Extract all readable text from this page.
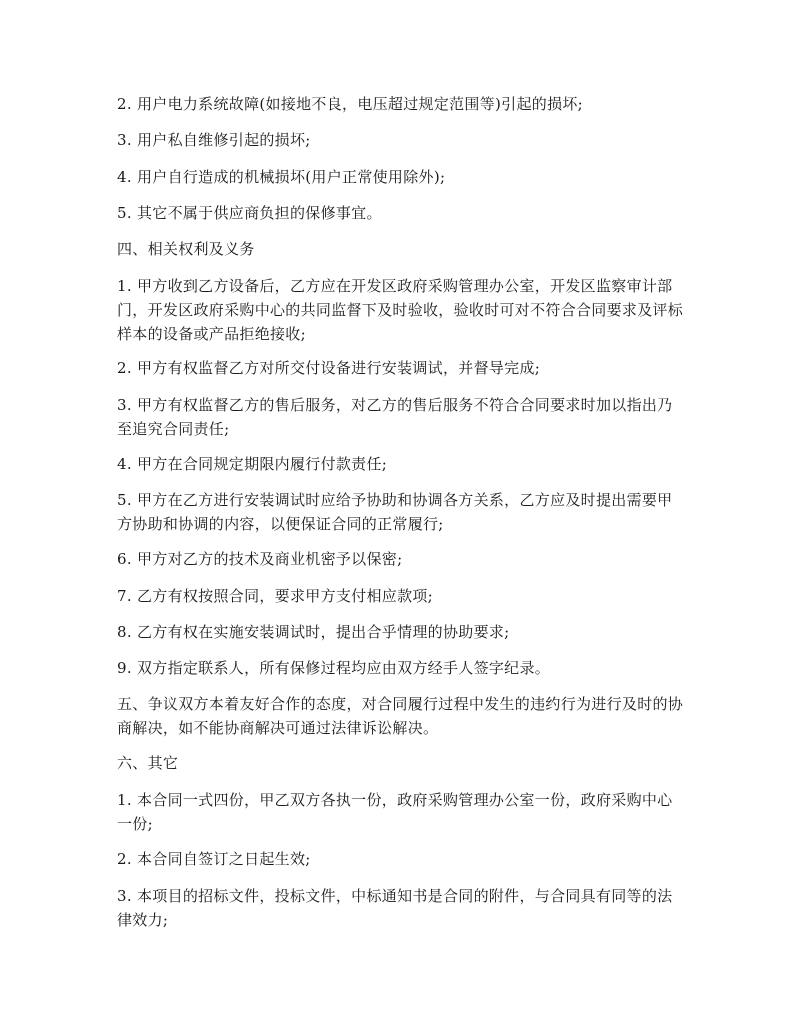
2. 用户电力系统故障(如接地不良，电压超过规定范围等)引起的损坏;

3. 用户私自维修引起的损坏;

4. 用户自行造成的机械损坏(用户正常使用除外);

5. 其它不属于供应商负担的保修事宜。

四、相关权利及义务

1. 甲方收到乙方设备后，乙方应在开发区政府采购管理办公室，开发区监察审计部门，开发区政府采购中心的共同监督下及时验收，验收时可对不符合合同要求及评标样本的设备或产品拒绝接收;

2. 甲方有权监督乙方对所交付设备进行安装调试，并督导完成;

3. 甲方有权监督乙方的售后服务，对乙方的售后服务不符合合同要求时加以指出乃至追究合同责任;

4. 甲方在合同规定期限内履行付款责任;

5. 甲方在乙方进行安装调试时应给予协助和协调各方关系，乙方应及时提出需要甲方协助和协调的内容，以便保证合同的正常履行;

6. 甲方对乙方的技术及商业机密予以保密;

7. 乙方有权按照合同，要求甲方支付相应款项;

8. 乙方有权在实施安装调试时，提出合乎情理的协助要求;

9. 双方指定联系人，所有保修过程均应由双方经手人签字纪录。

五、争议双方本着友好合作的态度，对合同履行过程中发生的违约行为进行及时的协商解决，如不能协商解决可通过法律诉讼解决。

六、其它

1. 本合同一式四份，甲乙双方各执一份，政府采购管理办公室一份，政府采购中心一份;

2. 本合同自签订之日起生效;

3. 本项目的招标文件，投标文件，中标通知书是合同的附件，与合同具有同等的法律效力;
